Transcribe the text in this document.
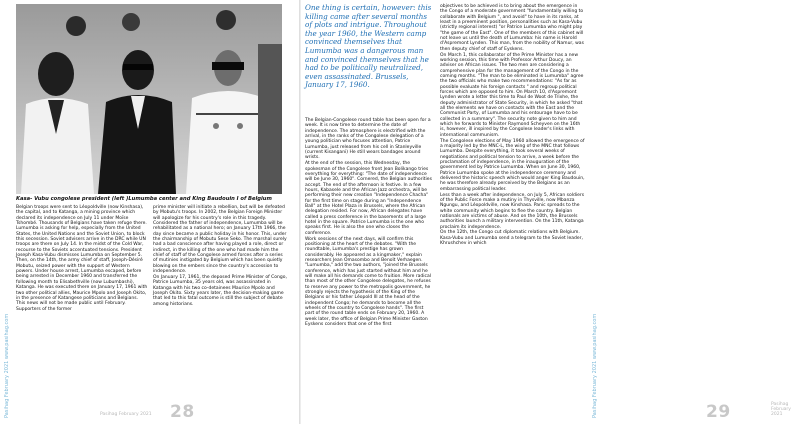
Pasihag February 2021 www.pasihag.com
Kasa- Vubu congolese president (left )Lumumba center and King Baudouin I of Belgium

Belgian troops were sent to Léopoldville (now Kinshasa), the capital, and to Katanga, a mining province which declared its independence on July 11 under Moïse Tshombé. Thousands of Belgians have taken refuge there. Lumumba is asking for help, especially from the United States, the United Nations and the Soviet Union, to block this secession. Soviet advisers arrive in the DRC while UN troops are there on July 14. In the midst of the Cold War, recourse to the Soviets accentuated tensions. President Joseph Kasa-Vubu dismisses Lumumba on September 5. Then, on the 14th, the army chief of staff, Joseph-Désiré Mobutu, seized power with the support of Western powers. Under house arrest, Lumumba escaped, before being arrested in December 1960 and transferred the following month to Elisabethville (now Lubumbashi), Katanga. He was executed there on January 17, 1961 with two other political allies, Maurice Mpolo and Joseph Okito, in the presence of Katangese politicians and Belgians. This news will not be made public until February. Supporters of the former

prime minister will initiate a rebellion, but will be defeated by Mobutu's troops. In 2002, the Belgian Foreign Minister will apologize for his country's role in this tragedy. Considered the father of independence, Lumumba will be rehabilitated as a national hero; on January 17th 1966, the day since became a public holiday in his honor. This, under the chairmanship of Mobutu Sese Seko. The marshal surely had a bad conscience after having played a role, direct or indirect, in the killing of the one who had made him the chief of staff of the Congolese armed forces after a series of mutinies instigated by Belgium which has been quietly blowing on the embers since the country's accession to independence.

On January 17, 1961, the deposed Prime Minister of Congo, Patrice Lumumba, 35 years old, was assassinated in Katanga with his two co-detainees Maurice Mpolo and Joseph Okito. Sixty years later, the decision-making game that led to this fatal outcome is still the subject of debate among historians.

Pasihag February 2021 28	Pasihag February 2021
29
One thing is certain, however: this killing came after several months of plots and intrigue. Throughout the year 1960, the Western camp convinced themselves that Lumumba was a dangerous man and convinced themselves that he had to be politically neutralized, even assassinated. Brussels, January 17, 1960.

The Belgian-Congolese round table has been open for a week. It is now time to determine the date of independence. The atmosphere is electrified with the arrival, in the ranks of the Congolese delegation of a young politician who focuses attention, Patrice Lumumba, just released from his cell in Stanleyville (current Kisangani) He still wears bandages around wrists.

At the end of the session, this Wednesday, the spokesman of the Congolese front Jean Bolikango tries everything for everything: "The date of independence will be June 30, 1960". Cornered, the Belgian authorities accept. The end of the afternoon is festive. In a few hours, Kabasele and the African Jazz orchestra, will be performing their new creation "Independence Chacha" for the first time on stage during an "Independence Ball" at the Hotel Plaza in Brussels, where the African delegation resided. For now, African delegates have called a press conference in the basements of a large hotel in the square. Patrice Lumumba is the one who speaks first. He is also the one who closes the conference.

Work sessions of the next days, will confirm this positioning at the heart of the debates. "With the roundtable, Lumumba's prestige has grown considerably. He appeared as a kingmaker," explain researchers Jean Omasombo and Benoît Verhaegen. "Lumumba," add the two authors, "joined the Brussels conference, which has just started without him and he will make all his demands come to fruition. More radical than most of the other Congolese delegates, he refuses to reserve any power to the metropolis government, he strongly rejects the hypothesis of the King of the Belgians or his father Léopold III at the head of the independent Congo; he demands to become all the wheels of the country to Congolese hands". The first part of the round table ends on February 20, 1960. A week later, the office of Belgian Prime Minister Gaston Eyskens considers that one of the first

objectives to be achieved is to bring about the emergence in the Congo of a moderate government "fundamentally willing to collaborate with Belgium ", and avoid" to have in its ranks, at least in a preeminent position, personalities such as Kasa-Vubu (strictly regional interest) "or Patrice Lumumba who might play "the game of the East". One of the members of this cabinet will not leave us until the death of Lumumba: his name is Harold d'Aspremont Lynden. This man, from the nobility of Namur, was then deputy chief of staff of Eyskens.

On March 1, this collaborator of the Prime Minister has a new working session, this time with Professor Arthur Doucy, an adviser on African issues. The two men are considering a comprehensive plan for the management of the Congo in the coming months. "The man to be eliminated is Lumumba" agree the two officials who make two recommendations: "As far as possible evaluate his foreign contacts " and regroup political forces which are opposed to him. On March 10, d'Aspremont Lynden wrote a letter this time to Paul de Woot de Trixhe, the deputy administrator of State Security, in which he asked "that all the elements we have on contacts with the East and the Communist Party, of Lumumba and his entourage have to be collected in a summary". The security note given to him and which he forwards to Minister Raymond Scheyven on the 16th is, however, ill inspired by the Congolese leader's links with international communism.

The Congolese elections of May 1960 allowed the emergence of a majority led by the MNC-L, the wing of the MNC that follows Lumumba. Despite everything, it took several weeks of negotiations and political tension to arrive, a week before the proclamation of independence, in the inauguration of the government led by Patrice Lumumba. When on June 30, 1960, Patrice Lumumba spoke at the independence ceremony and delivered the historic speech which would anger King Baudouin, he was therefore already perceived by the Belgians as an embarrassing political leader.

Less than a week after independence, on July 5, African soldiers of the Public Force make a mutiny in Thysville, now Mbanza Ngungu, and Léopoldville, now Kinshasa. Panic spreads to the white community which begins to flee the country. Belgian nationals are victims of abuse. And on the 10th, the Brussels authorities launch a military intervention. On the 11th, Katanga proclaim its independence.

On the 12th, the Congo cut diplomatic relations with Belgium. Kasa-Vubu and Lumumba send a telegram to the Soviet leader, Khrushchev in which

Pasihag February 2021 www.pasihag.com
